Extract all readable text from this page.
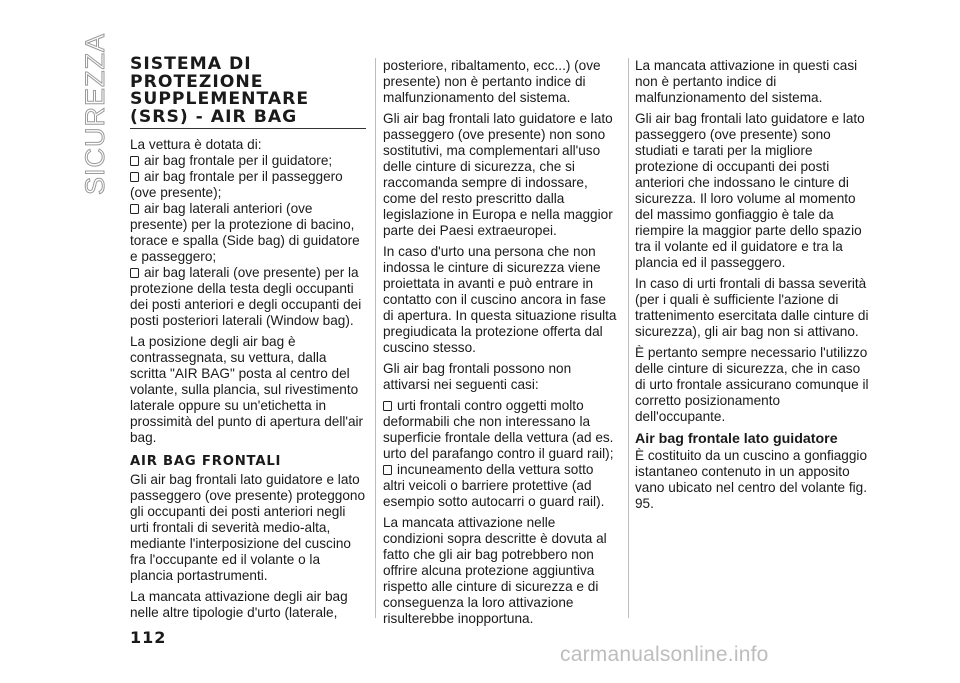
SICUREZZA SISTEMA DI
PROTEZIONE
SUPPLEMENTARE
(SRS) - AIR BAG

La vettura è dotata di:

air bag frontale per il guidatore;

air bag frontale per il passeggero (ove presente);

air bag laterali anteriori (ove presente) per la protezione di bacino, torace e spalla (Side bag) di guidatore e passeggero;

air bag laterali (ove presente) per la protezione della testa degli occupanti dei posti anteriori e degli occupanti dei posti posteriori laterali (Window bag).

La posizione degli air bag è contrassegnata, su vettura, dalla scritta "AIR BAG" posta al centro del volante, sulla plancia, sul rivestimento laterale oppure su un'etichetta in prossimità del punto di apertura dell'air bag.

AIR BAG FRONTALI

Gli air bag frontali lato guidatore e lato passeggero (ove presente) proteggono gli occupanti dei posti anteriori negli urti frontali di severità medio-alta, mediante l'interposizione del cuscino fra l'occupante ed il volante o la plancia portastrumenti.

La mancata attivazione degli air bag nelle altre tipologie d'urto (laterale,

posteriore, ribaltamento, ecc...) (ove presente) non è pertanto indice di malfunzionamento del sistema.

Gli air bag frontali lato guidatore e lato passeggero (ove presente) non sono sostitutivi, ma complementari all'uso delle cinture di sicurezza, che si raccomanda sempre di indossare, come del resto prescritto dalla legislazione in Europa e nella maggior parte dei Paesi extraeuropei.

In caso d'urto una persona che non indossa le cinture di sicurezza viene proiettata in avanti e può entrare in contatto con il cuscino ancora in fase di apertura. In questa situazione risulta pregiudicata la protezione offerta dal cuscino stesso.

Gli air bag frontali possono non attivarsi nei seguenti casi:

urti frontali contro oggetti molto deformabili che non interessano la superficie frontale della vettura (ad es. urto del parafango contro il guard rail);

incuneamento della vettura sotto altri veicoli o barriere protettive (ad esempio sotto autocarri o guard rail).

La mancata attivazione nelle condizioni sopra descritte è dovuta al fatto che gli air bag potrebbero non offrire alcuna protezione aggiuntiva rispetto alle cinture di sicurezza e di conseguenza la loro attivazione risulterebbe inopportuna.

La mancata attivazione in questi casi non è pertanto indice di malfunzionamento del sistema.

Gli air bag frontali lato guidatore e lato passeggero (ove presente) sono studiati e tarati per la migliore protezione di occupanti dei posti anteriori che indossano le cinture di sicurezza. Il loro volume al momento del massimo gonfiaggio è tale da riempire la maggior parte dello spazio tra il volante ed il guidatore e tra la plancia ed il passeggero.

In caso di urti frontali di bassa severità (per i quali è sufficiente l'azione di trattenimento esercitata dalle cinture di sicurezza), gli air bag non si attivano.

È pertanto sempre necessario l'utilizzo delle cinture di sicurezza, che in caso di urto frontale assicurano comunque il corretto posizionamento dell'occupante.

Air bag frontale lato guidatore

È costituito da un cuscino a gonfiaggio istantaneo contenuto in un apposito vano ubicato nel centro del volante fig. 95.

112
carmanualsonline.info
